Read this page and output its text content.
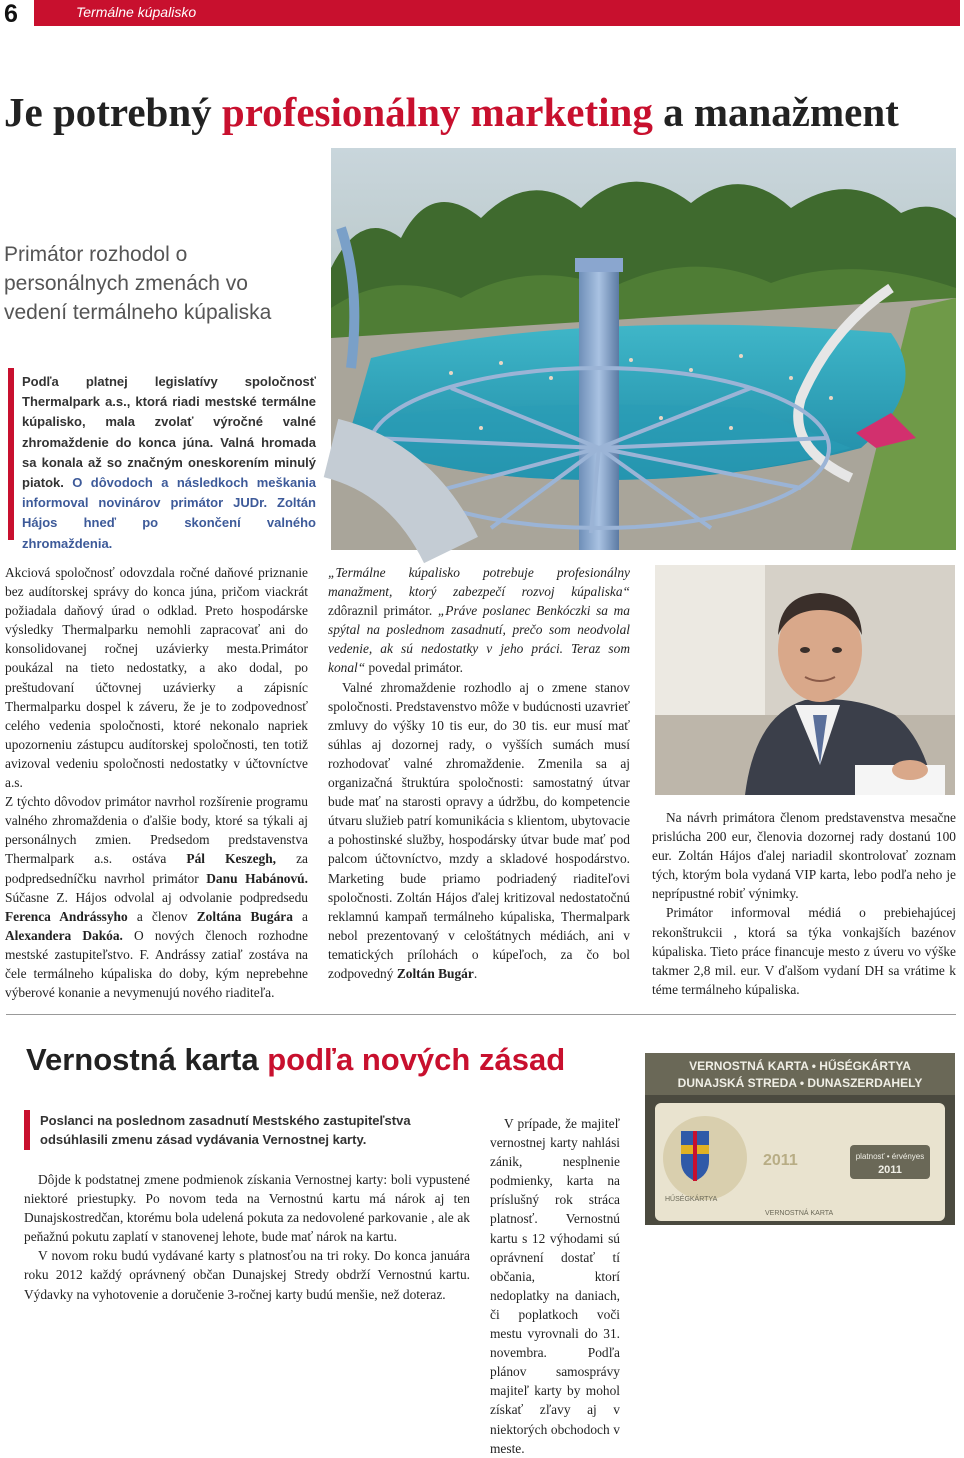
6	Termálne kúpalisko
Je potrebný profesionálny marketing a manažment
Primátor rozhodol o personálnych zmenách vo vedení termálneho kúpaliska
Podľa platnej legislatívy spoločnosť Thermalpark a.s., ktorá riadi mestské termálne kúpalisko, mala zvolať výročné valné zhromaždenie do konca júna. Valná hromada sa konala až so značným oneskorením minulý piatok. O dôvodoch a následkoch meškania informoval novinárov primátor JUDr. Zoltán Hájos hneď po skončení valného zhromaždenia.

Akciová spoločnosť odovzdala ročné daňové priznanie bez audítorskej správy do konca júna, pričom viackrát požiadala daňový úrad o odklad. Preto hospodárske výsledky Thermalparku nemohli zapracovať ani do konsolidovanej ročnej uzávierky mesta.Primátor poukázal na tieto nedostatky, a ako dodal, po preštudovaní účtovnej uzávierky a zápisníc Thermalparku dospel k záveru, že je to zodpovednosť celého vedenia spoločnosti, ktoré nekonalo napriek upozorneniu zástupcu audítorskej spoločnosti, ten totiž avizoval vedeniu spoločnosti nedostatky v účtovníctve a.s.

Z týchto dôvodov primátor navrhol rozšírenie programu valného zhromaždenia o ďalšie body, ktoré sa týkali aj personálnych zmien. Predsedom predstavenstva Thermalpark a.s. ostáva Pál Keszegh, za podpredsedníčku navrhol primátor Danu Habánovú. Súčasne Z. Hájos odvolal aj odvolanie podpredsedu Ferenca Andrássyho a členov Zoltána Bugára a Alexandera Dakóa. O nových členoch rozhodne mestské zastupiteľstvo. F. Andrássy zatiaľ zostáva na čele termálneho kúpaliska do doby, kým neprebehne výberové konanie a nevymenujú nového riaditeľa.

„Termálne kúpalisko potrebuje profesionálny manažment, ktorý zabezpečí rozvoj kúpaliska“ zdôraznil primátor. „Práve poslanec Benkóczki sa ma spýtal na poslednom zasadnutí, prečo som neodvolal vedenie, ak sú nedostatky v jeho práci. Teraz som konal“ povedal primátor.

Valné zhromaždenie rozhodlo aj o zmene stanov spoločnosti. Predstavenstvo môže v budúcnosti uzavrieť zmluvy do výšky 10 tis eur, do 30 tis. eur musí mať súhlas aj dozornej rady, o vyšších sumách musí rozhodovať valné zhromaždenie. Zmenila sa aj organizačná štruktúra spoločnosti: samostatný útvar bude mať na starosti opravy a údržbu, do kompetencie útvaru služieb patrí komunikácia s klientom, ubytovacie a pohostinské služby, hospodársky útvar bude mať pod palcom účtovníctvo, mzdy a skladové hospodárstvo. Marketing bude priamo podriadený riaditeľovi spoločnosti. Zoltán Hájos ďalej kritizoval nedostatočnú reklamnú kampaň termálneho kúpaliska, Thermalpark nebol prezentovaný v celoštátnych médiách, ani v tematických prílohách o kúpeľoch, za čo bol zodpovedný Zoltán Bugár.

Na návrh primátora členom predstavenstva mesačne prislúcha 200 eur, členovia dozornej rady dostanú 100 eur. Zoltán Hájos ďalej nariadil skontrolovať zoznam tých, ktorým bola vydaná VIP karta, lebo podľa neho je neprípustné robiť výnimky.

Primátor informoval médiá o prebiehajúcej rekonštrukcii , ktorá sa týka vonkajších bazénov kúpaliska. Tieto práce financuje mesto z úveru vo výške takmer 2,8 mil. eur. V ďalšom vydaní DH sa vrátime k téme termálneho kúpaliska.

Vernostná karta podľa nových zásad
Poslanci na poslednom zasadnutí Mestského zastupiteľstva odsúhlasili zmenu zásad vydávania Vernostnej karty.

Dôjde k podstatnej zmene podmienok získania Vernostnej karty: boli vypustené niektoré priestupky. Po novom teda na Vernostnú kartu má nárok aj ten Dunajskostredčan, ktorému bola udelená pokuta za nedovolené parkovanie , ale ak peňažnú pokutu zaplatí v stanovenej lehote, bude mať nárok na kartu.

V novom roku budú vydávané karty s platnosťou na tri roky. Do konca januára roku 2012 každý oprávnený občan Dunajskej Stredy obdrží Vernostnú kartu. Výdavky na vyhotovenie a doručenie 3-ročnej karty budú menšie, než doteraz.

V prípade, že majiteľ vernostnej karty nahlási zánik, nesplnenie podmienky, karta na príslušný rok stráca platnosť. Vernostnú kartu s 12 výhodami sú oprávnení dostať tí občania, ktorí nedoplatky na daniach, či poplatkoch voči mestu vyrovnali do 31. novembra. Podľa plánov samosprávy majiteľ karty by mohol získať zľavy aj v niektorých obchodoch v meste.

VERNOSTNÁ KARTA • HŰSÉGKÁRTYA
DUNAJSKÁ STREDA • DUNASZERDAHELY
2011	platnosť • érvényes
2011
HŰSÉGKÁRTYA
VERNOSTNÁ KARTA
